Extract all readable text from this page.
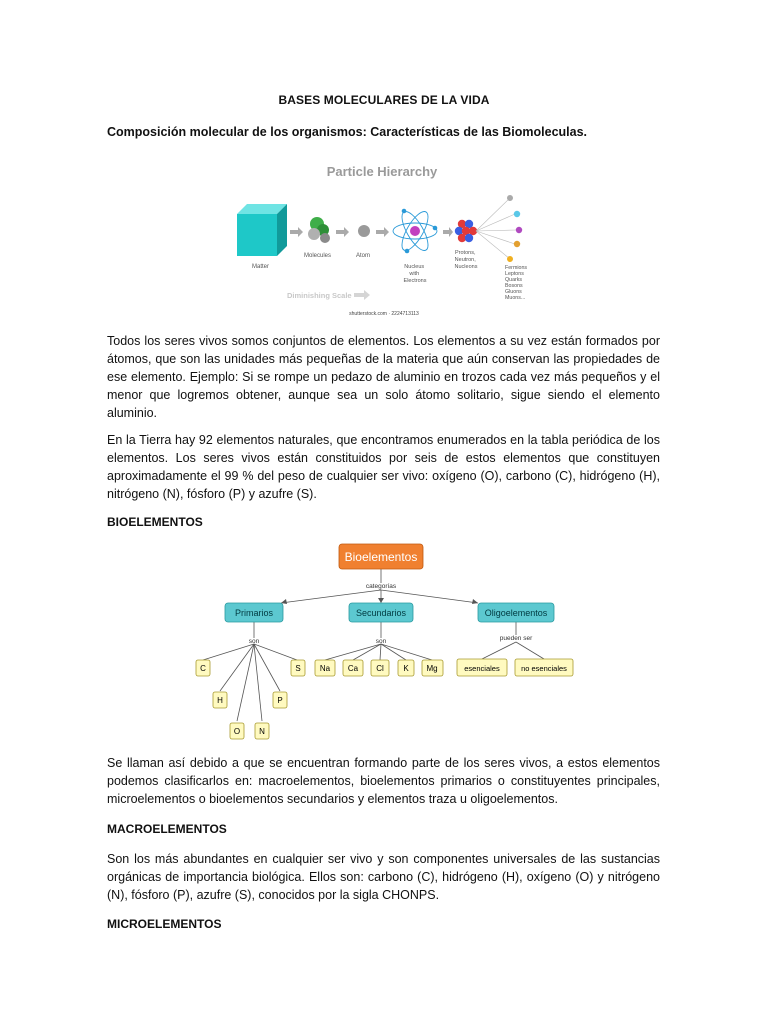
BASES MOLECULARES DE LA VIDA
Composición molecular de los organismos: Características de las Biomoleculas.
Particle Hierarchy
Matter
Molecules	Atom
Nucleus with Electrons
Protons, Neutron, Nucleons	Fermions Leptons Quarks Bosons Gluons Muons...
Diminishing Scale
shutterstock.com · 2224713113

Todos los seres vivos somos conjuntos de elementos. Los elementos a su vez están formados por átomos, que son las unidades más pequeñas de la materia que aún conservan las propiedades de ese elemento. Ejemplo: Si se rompe un pedazo de aluminio en trozos cada vez más pequeños y el menor que logremos obtener, aunque sea un solo átomo solitario, sigue siendo el elemento aluminio.

En la Tierra hay 92 elementos naturales, que encontramos enumerados en la tabla periódica de los elementos. Los seres vivos están constituidos por seis de estos elementos que constituyen aproximadamente el 99 % del peso de cualquier ser vivo: oxígeno (O), carbono (C), hidrógeno (H), nitrógeno (N), fósforo (P) y azufre (S).

BIOELEMENTOS
Bioelementos
categorías
Primarios	Secundarios	Oligoelementos
son	son	pueden ser
C	S
H	P
O N
Na Ca Cl K Mg	esenciales	no esenciales

Se llaman así debido a que se encuentran formando parte de los seres vivos, a estos elementos podemos clasificarlos en: macroelementos, bioelementos primarios o constituyentes principales, microelementos o bioelementos secundarios y elementos traza u oligoelementos.

MACROELEMENTOS

Son los más abundantes en cualquier ser vivo y son componentes universales de las sustancias orgánicas de importancia biológica. Ellos son: carbono (C), hidrógeno (H), oxígeno (O) y nitrógeno (N), fósforo (P), azufre (S), conocidos por la sigla CHONPS.

MICROELEMENTOS
